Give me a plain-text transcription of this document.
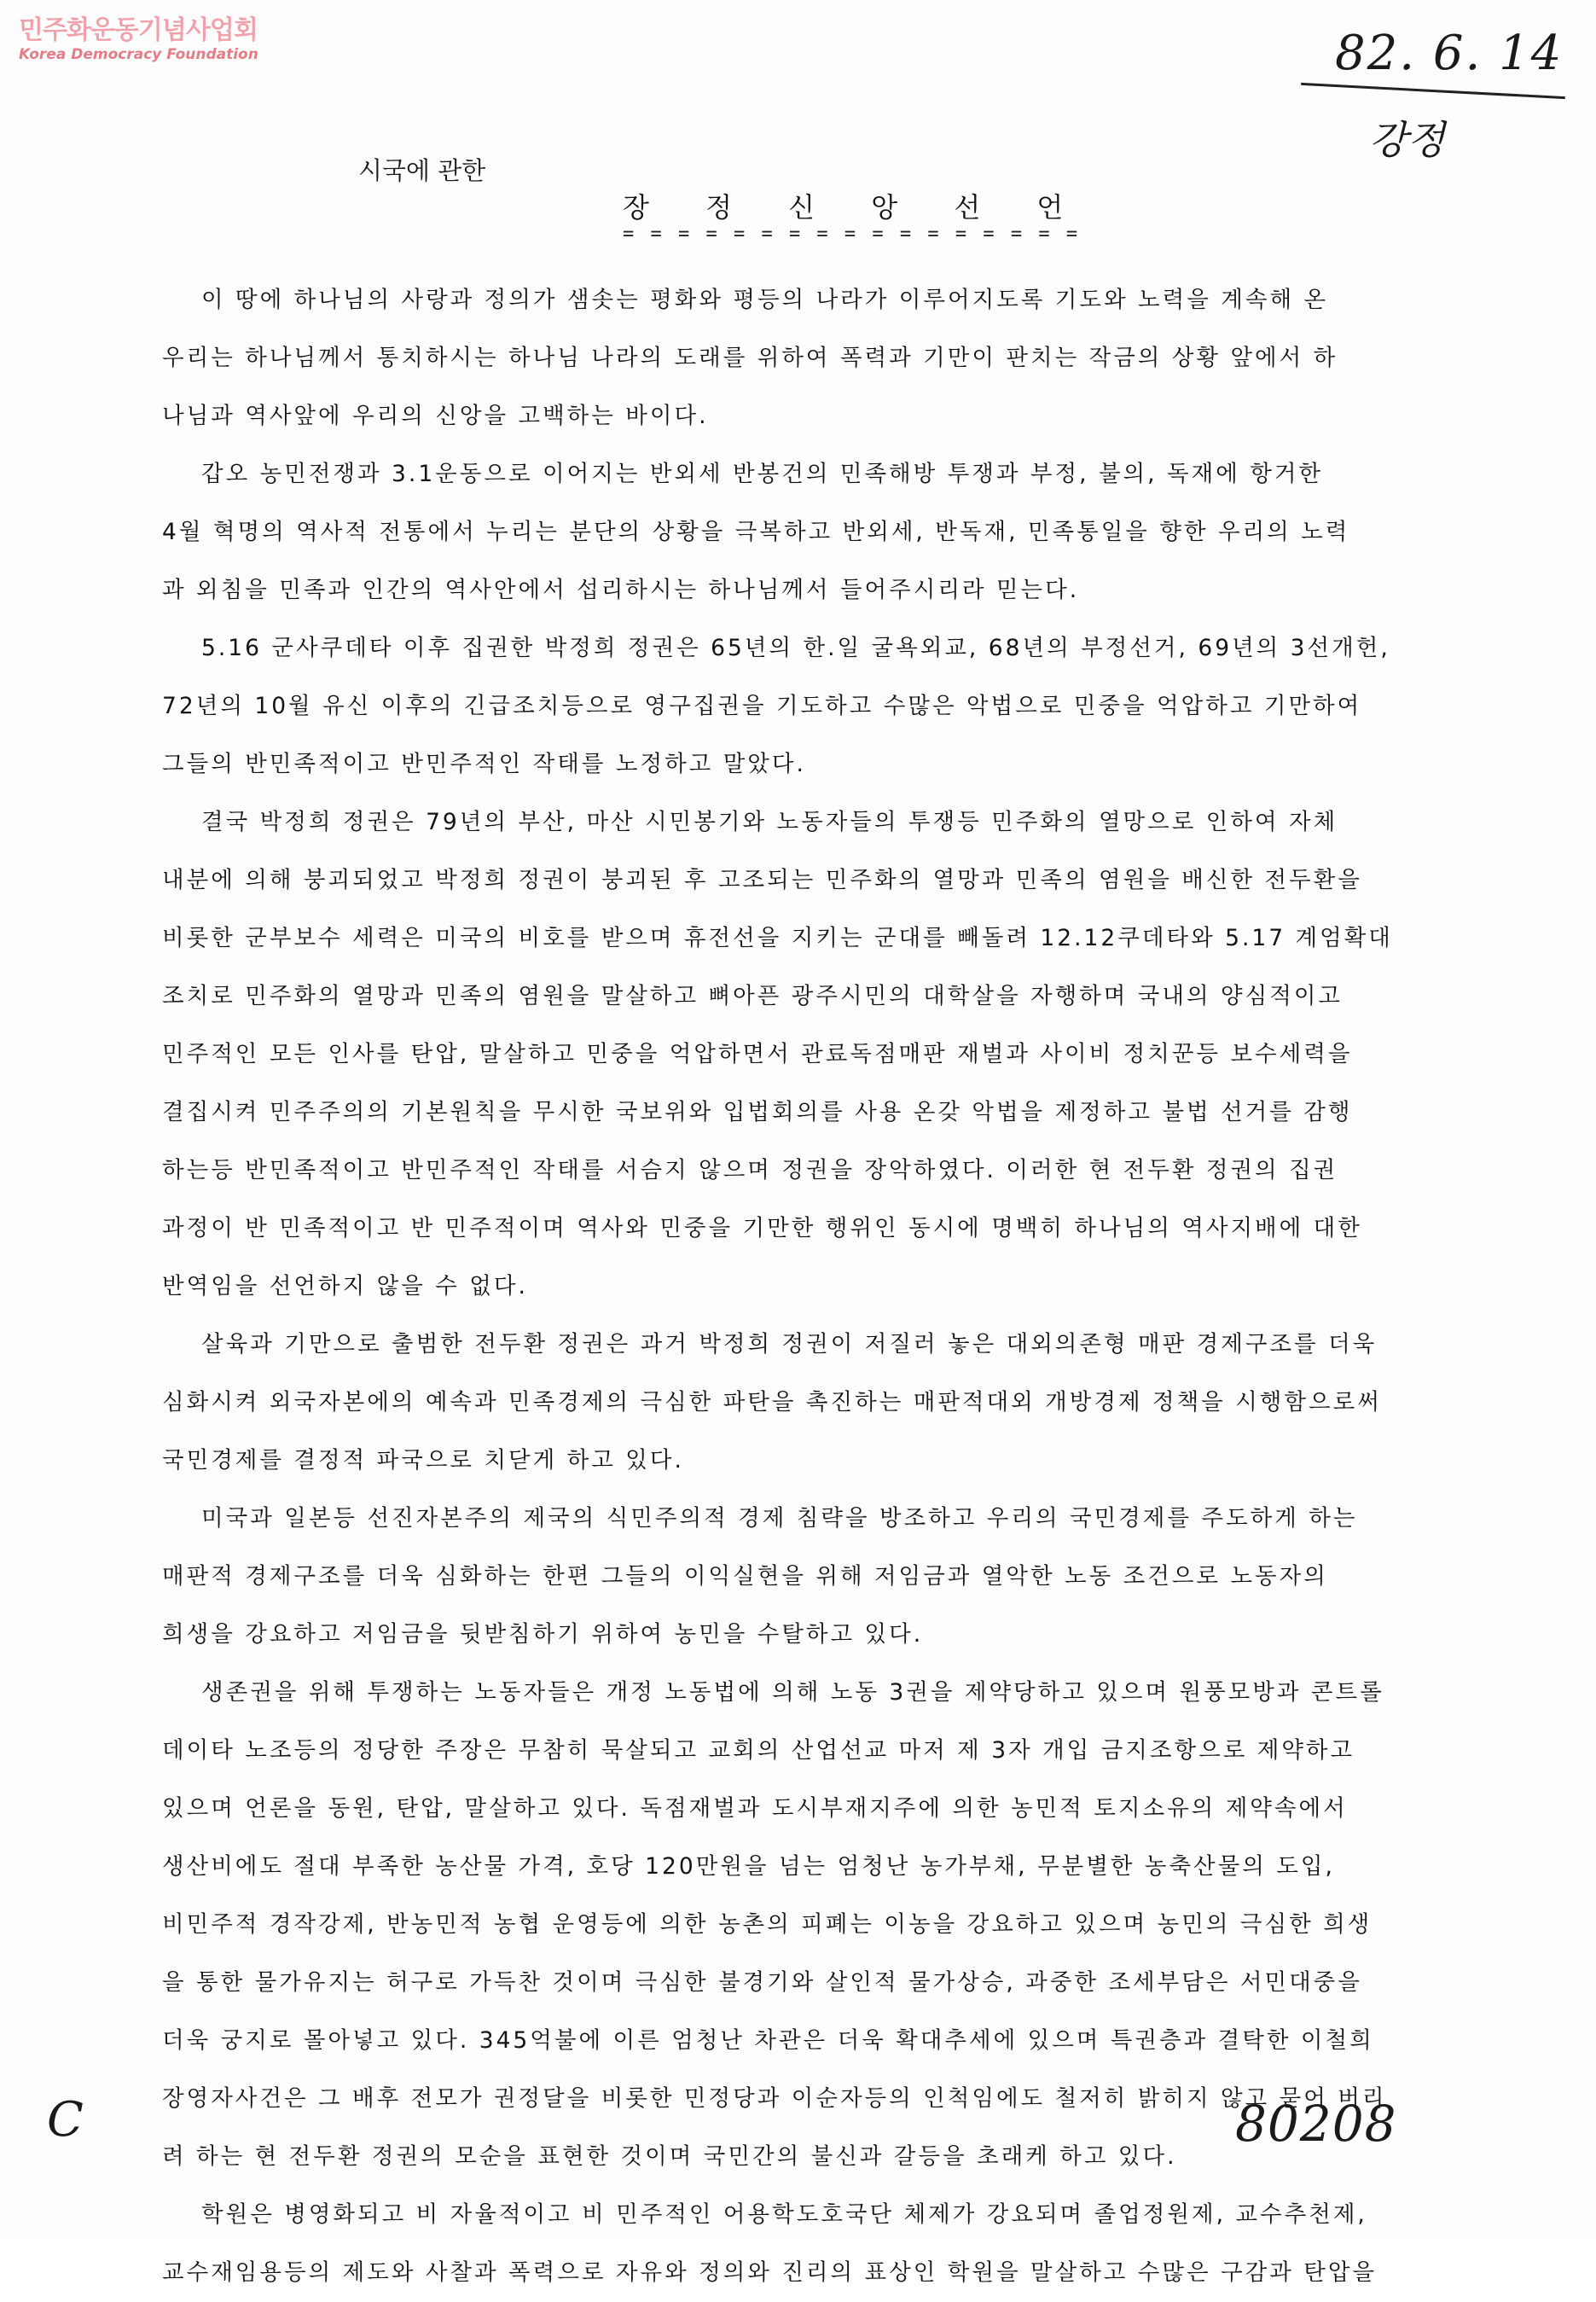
민주화운동기념사업회
Korea Democracy Foundation	82. 6. 14
강정
시국에 관한
장 정 신 앙 선 언
= = = = = = = = = = = = = = = = =
이 땅에 하나님의 사랑과 정의가 샘솟는 평화와 평등의 나라가 이루어지도록 기도와 노력을 계속해 온
우리는 하나님께서 통치하시는 하나님 나라의 도래를 위하여 폭력과 기만이 판치는 작금의 상황 앞에서 하
나님과 역사앞에 우리의 신앙을 고백하는 바이다.
갑오 농민전쟁과 3.1운동으로 이어지는 반외세 반봉건의 민족해방 투쟁과 부정, 불의, 독재에 항거한
4월 혁명의 역사적 전통에서 누리는 분단의 상황을 극복하고 반외세, 반독재, 민족통일을 향한 우리의 노력
과 외침을 민족과 인간의 역사안에서 섭리하시는 하나님께서 들어주시리라 믿는다.
5.16 군사쿠데타 이후 집권한 박정희 정권은 65년의 한.일 굴욕외교, 68년의 부정선거, 69년의 3선개헌,
72년의 10월 유신 이후의 긴급조치등으로 영구집권을 기도하고 수많은 악법으로 민중을 억압하고 기만하여
그들의 반민족적이고 반민주적인 작태를 노정하고 말았다.
결국 박정희 정권은 79년의 부산, 마산 시민봉기와 노동자들의 투쟁등 민주화의 열망으로 인하여 자체
내분에 의해 붕괴되었고 박정희 정권이 붕괴된 후 고조되는 민주화의 열망과 민족의 염원을 배신한 전두환을
비롯한 군부보수 세력은 미국의 비호를 받으며 휴전선을 지키는 군대를 빼돌려 12.12쿠데타와 5.17 계엄확대
조치로 민주화의 열망과 민족의 염원을 말살하고 뼈아픈 광주시민의 대학살을 자행하며 국내의 양심적이고
민주적인 모든 인사를 탄압, 말살하고 민중을 억압하면서 관료독점매판 재벌과 사이비 정치꾼등 보수세력을
결집시켜 민주주의의 기본원칙을 무시한 국보위와 입법회의를 사용 온갖 악법을 제정하고 불법 선거를 감행
하는등 반민족적이고 반민주적인 작태를 서슴지 않으며 정권을 장악하였다. 이러한 현 전두환 정권의 집권
과정이 반 민족적이고 반 민주적이며 역사와 민중을 기만한 행위인 동시에 명백히 하나님의 역사지배에 대한
반역임을 선언하지 않을 수 없다.
살육과 기만으로 출범한 전두환 정권은 과거 박정희 정권이 저질러 놓은 대외의존형 매판 경제구조를 더욱
심화시켜 외국자본에의 예속과 민족경제의 극심한 파탄을 촉진하는 매판적대외 개방경제 정책을 시행함으로써
국민경제를 결정적 파국으로 치닫게 하고 있다.
미국과 일본등 선진자본주의 제국의 식민주의적 경제 침략을 방조하고 우리의 국민경제를 주도하게 하는
매판적 경제구조를 더욱 심화하는 한편 그들의 이익실현을 위해 저임금과 열악한 노동 조건으로 노동자의
희생을 강요하고 저임금을 뒷받침하기 위하여 농민을 수탈하고 있다.
생존권을 위해 투쟁하는 노동자들은 개정 노동법에 의해 노동 3권을 제약당하고 있으며 원풍모방과 콘트롤
데이타 노조등의 정당한 주장은 무참히 묵살되고 교회의 산업선교 마저 제 3자 개입 금지조항으로 제약하고
있으며 언론을 동원, 탄압, 말살하고 있다. 독점재벌과 도시부재지주에 의한 농민적 토지소유의 제약속에서
생산비에도 절대 부족한 농산물 가격, 호당 120만원을 넘는 엄청난 농가부채, 무분별한 농축산물의 도입,
비민주적 경작강제, 반농민적 농협 운영등에 의한 농촌의 피폐는 이농을 강요하고 있으며 농민의 극심한 희생
을 통한 물가유지는 허구로 가득찬 것이며 극심한 불경기와 살인적 물가상승, 과중한 조세부담은 서민대중을
더욱 궁지로 몰아넣고 있다. 345억불에 이른 엄청난 차관은 더욱 확대추세에 있으며 특권층과 결탁한 이철희
장영자사건은 그 배후 전모가 권정달을 비롯한 민정당과 이순자등의 인척임에도 철저히 밝히지 않고 묻어 버리
려 하는 현 전두환 정권의 모순을 표현한 것이며 국민간의 불신과 갈등을 초래케 하고 있다.
학원은 병영화되고 비 자율적이고 비 민주적인 어용학도호국단 체제가 강요되며 졸업정원제, 교수추천제,
교수재임용등의 제도와 사찰과 폭력으로 자유와 정의와 진리의 표상인 학원을 말살하고 수많은 구감과 탄압을
C	80208
